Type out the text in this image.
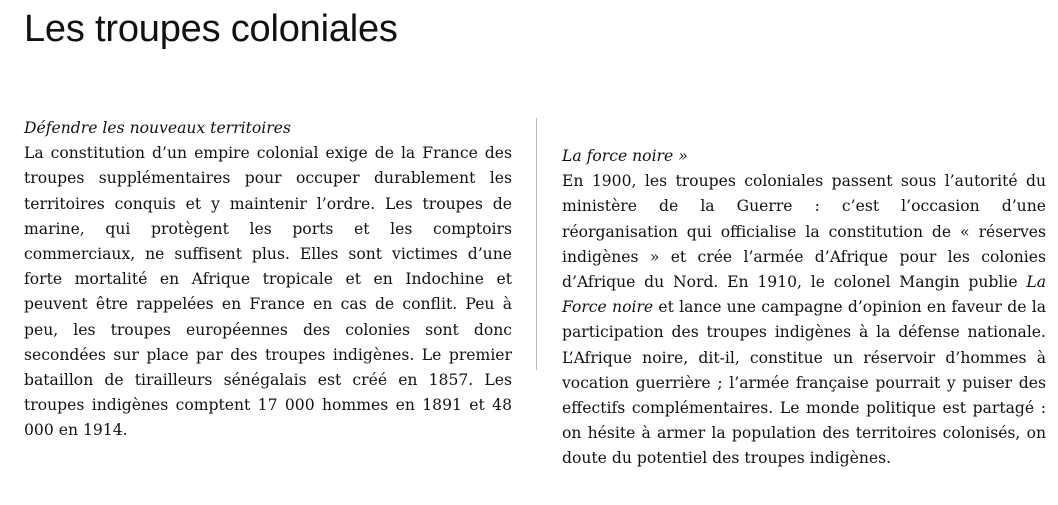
Les troupes coloniales

Défendre les nouveaux territoires

La constitution d’un empire colonial exige de la France des troupes supplémentaires pour occuper durablement les territoires conquis et y maintenir l’ordre. Les troupes de marine, qui protègent les ports et les comptoirs commerciaux, ne suffisent plus. Elles sont victimes d’une forte mortalité en Afrique tropicale et en Indochine et peuvent être rappelées en France en cas de conflit. Peu à peu, les troupes européennes des colonies sont donc secondées sur place par des troupes indigènes. Le premier bataillon de tirailleurs sénégalais est créé en 1857. Les troupes indigènes comptent 17 000 hommes en 1891 et 48 000 en 1914.

La force noire »

En 1900, les troupes coloniales passent sous l’autorité du ministère de la Guerre : c’est l’occasion d’une réorganisation qui officialise la constitution de « réserves indigènes » et crée l’armée d’Afrique pour les colonies d’Afrique du Nord. En 1910, le colonel Mangin publie La Force noire et lance une campagne d’opinion en faveur de la participation des troupes indigènes à la défense nationale. L’Afrique noire, dit-il, constitue un réservoir d’hommes à vocation guerrière ; l’armée française pourrait y puiser des effectifs complémentaires. Le monde politique est partagé : on hésite à armer la population des territoires colonisés, on doute du potentiel des troupes indigènes.
